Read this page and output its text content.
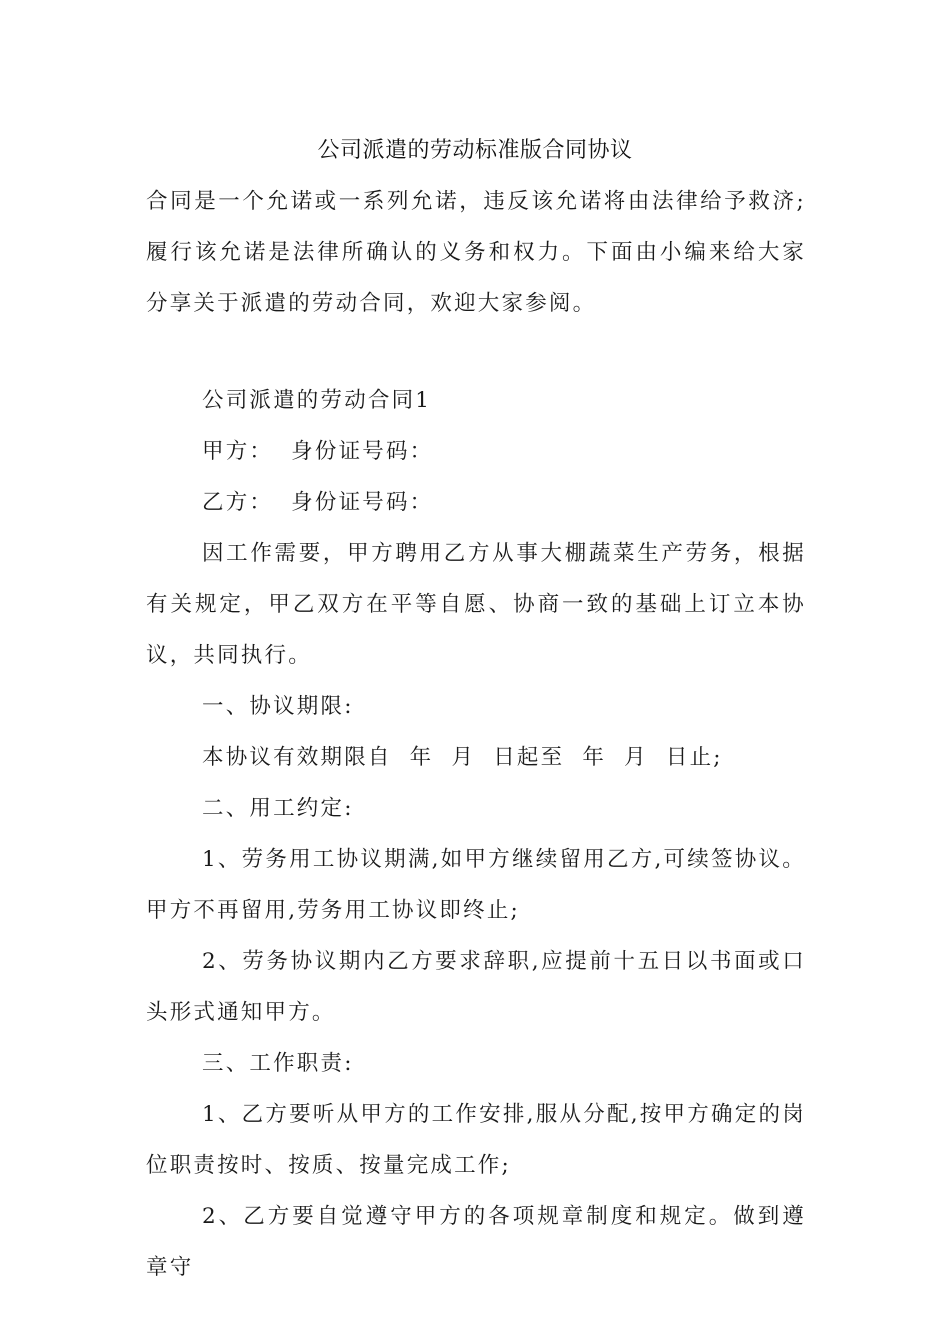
公司派遣的劳动标准版合同协议

合同是一个允诺或一系列允诺，违反该允诺将由法律给予救济;履行该允诺是法律所确认的义务和权力。下面由小编来给大家分享关于派遣的劳动合同，欢迎大家参阅。

公司派遣的劳动合同1

甲方：  身份证号码：

乙方：  身份证号码：

因工作需要，甲方聘用乙方从事大棚蔬菜生产劳务，根据有关规定，甲乙双方在平等自愿、协商一致的基础上订立本协议，共同执行。

一、协议期限:

本协议有效期限自  年  月  日起至  年  月  日止;

二、用工约定:

1、劳务用工协议期满,如甲方继续留用乙方,可续签协议。甲方不再留用,劳务用工协议即终止;

2、劳务协议期内乙方要求辞职,应提前十五日以书面或口头形式通知甲方。

三、工作职责:

1、乙方要听从甲方的工作安排,服从分配,按甲方确定的岗位职责按时、按质、按量完成工作;

2、乙方要自觉遵守甲方的各项规章制度和规定。做到遵章守
